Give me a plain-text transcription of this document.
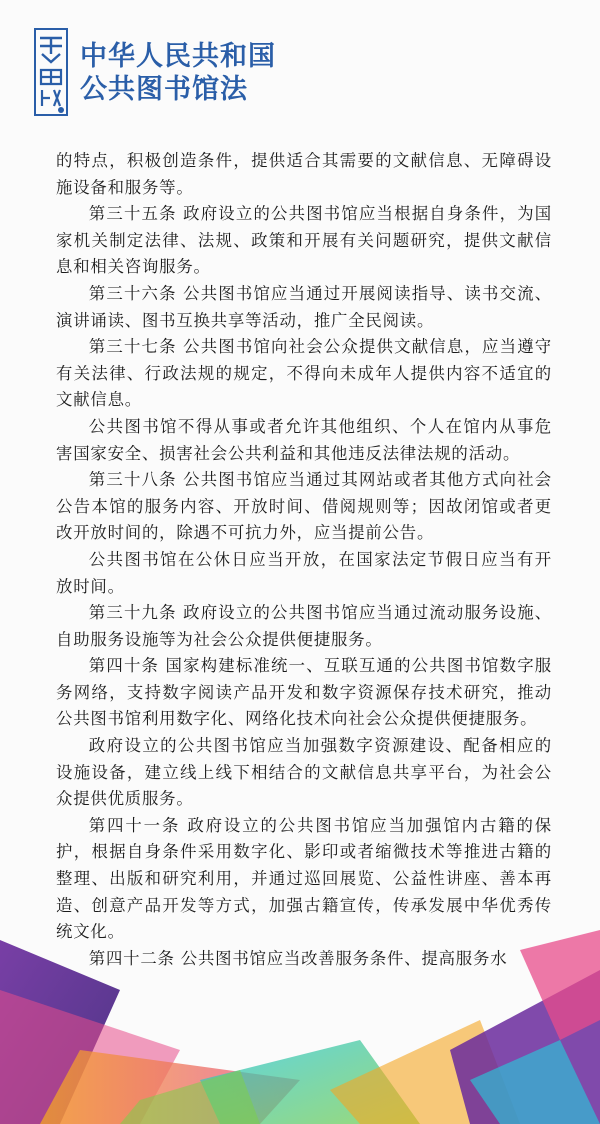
中华人民共和国
公共图书馆法

的特点，积极创造条件，提供适合其需要的文献信息、无障碍设施设备和服务等。

第三十五条 政府设立的公共图书馆应当根据自身条件，为国家机关制定法律、法规、政策和开展有关问题研究，提供文献信息和相关咨询服务。

第三十六条 公共图书馆应当通过开展阅读指导、读书交流、演讲诵读、图书互换共享等活动，推广全民阅读。

第三十七条 公共图书馆向社会公众提供文献信息，应当遵守有关法律、行政法规的规定，不得向未成年人提供内容不适宜的文献信息。

公共图书馆不得从事或者允许其他组织、个人在馆内从事危害国家安全、损害社会公共利益和其他违反法律法规的活动。

第三十八条 公共图书馆应当通过其网站或者其他方式向社会公告本馆的服务内容、开放时间、借阅规则等；因故闭馆或者更改开放时间的，除遇不可抗力外，应当提前公告。

公共图书馆在公休日应当开放，在国家法定节假日应当有开放时间。

第三十九条 政府设立的公共图书馆应当通过流动服务设施、自助服务设施等为社会公众提供便捷服务。

第四十条 国家构建标准统一、互联互通的公共图书馆数字服务网络，支持数字阅读产品开发和数字资源保存技术研究，推动公共图书馆利用数字化、网络化技术向社会公众提供便捷服务。

政府设立的公共图书馆应当加强数字资源建设、配备相应的设施设备，建立线上线下相结合的文献信息共享平台，为社会公众提供优质服务。

第四十一条 政府设立的公共图书馆应当加强馆内古籍的保护，根据自身条件采用数字化、影印或者缩微技术等推进古籍的整理、出版和研究利用，并通过巡回展览、公益性讲座、善本再造、创意产品开发等方式，加强古籍宣传，传承发展中华优秀传统文化。

第四十二条 公共图书馆应当改善服务条件、提高服务水
